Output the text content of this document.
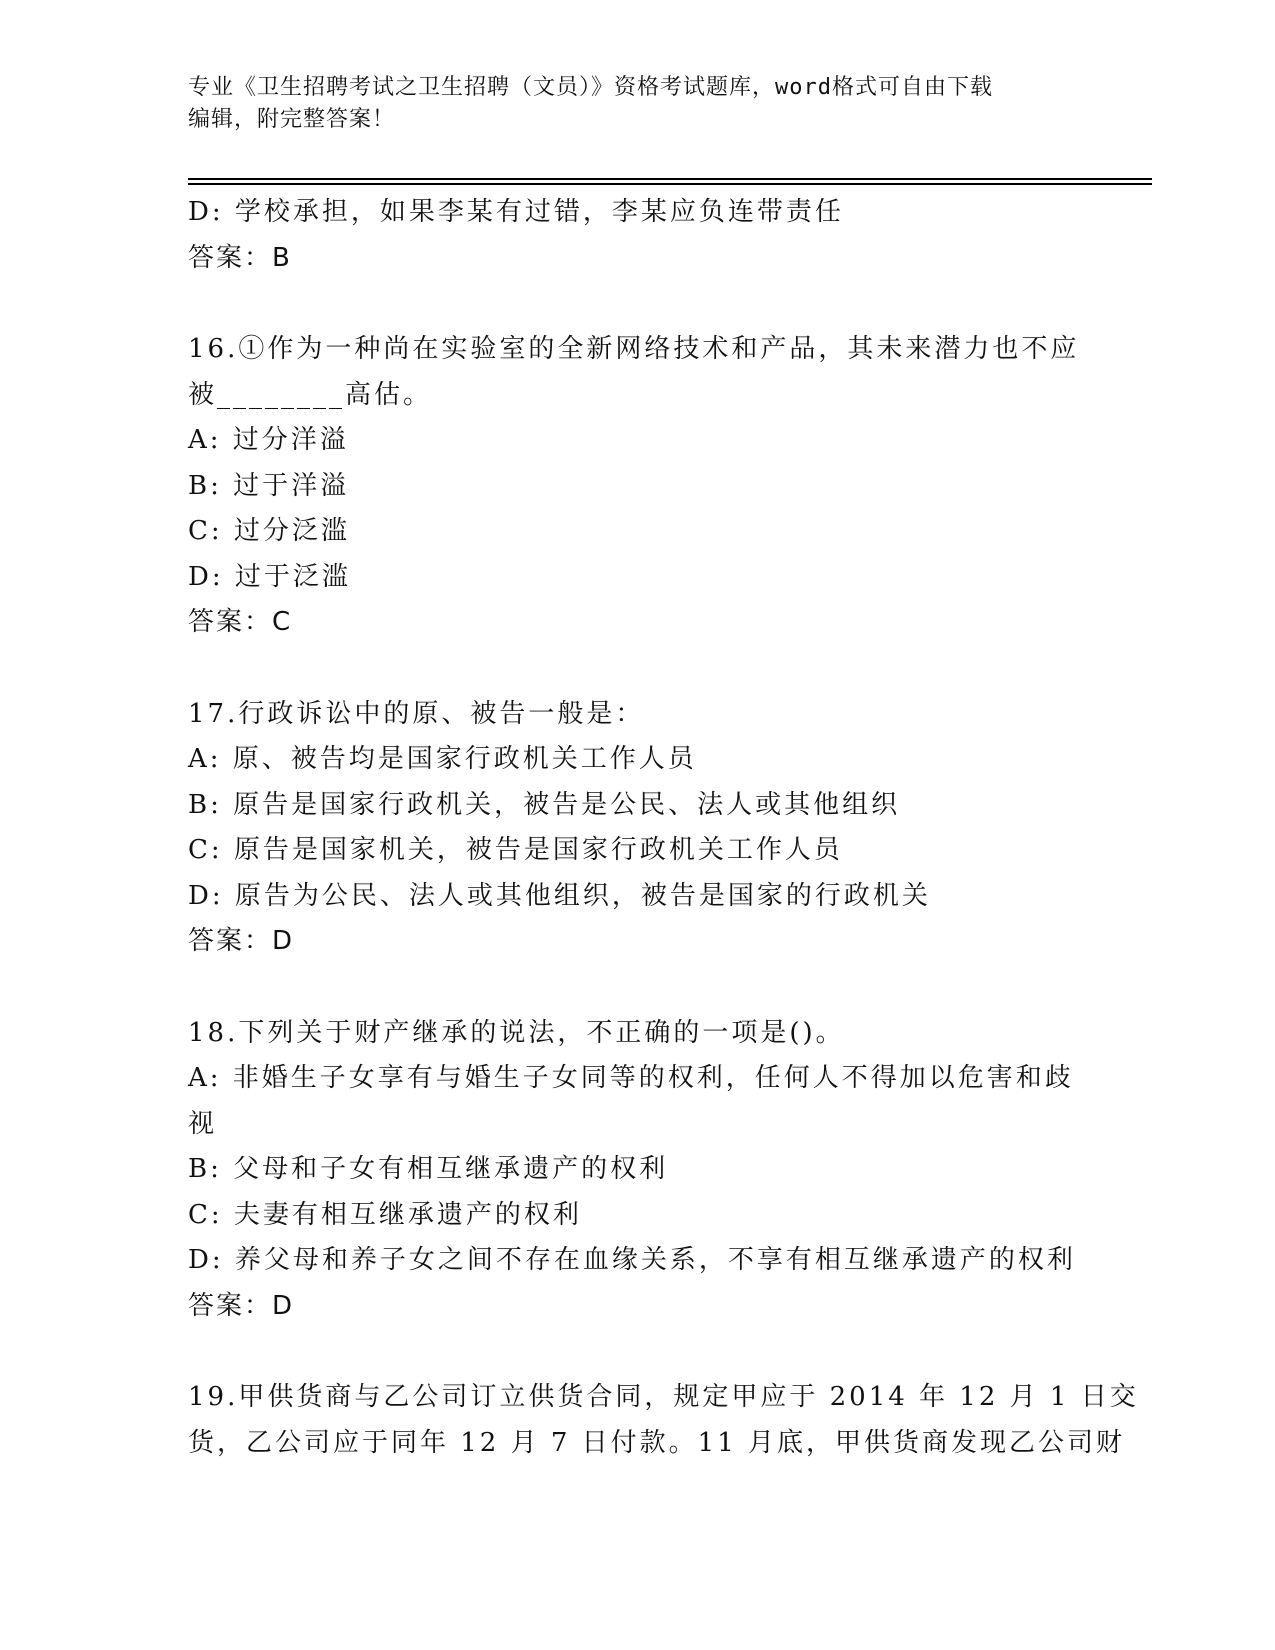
专业《卫生招聘考试之卫生招聘（文员）》资格考试题库，word格式可自由下载
编辑，附完整答案！
D: 学校承担，如果李某有过错，李某应负连带责任
答案：B
16.①作为一种尚在实验室的全新网络技术和产品，其未来潜力也不应
被________高估。
A: 过分洋溢
B: 过于洋溢
C: 过分泛滥
D: 过于泛滥
答案：C
17.行政诉讼中的原、被告一般是：
A: 原、被告均是国家行政机关工作人员
B: 原告是国家行政机关，被告是公民、法人或其他组织
C: 原告是国家机关，被告是国家行政机关工作人员
D: 原告为公民、法人或其他组织，被告是国家的行政机关
答案：D
18.下列关于财产继承的说法，不正确的一项是()。
A: 非婚生子女享有与婚生子女同等的权利，任何人不得加以危害和歧
视
B: 父母和子女有相互继承遗产的权利
C: 夫妻有相互继承遗产的权利
D: 养父母和养子女之间不存在血缘关系，不享有相互继承遗产的权利
答案：D
19.甲供货商与乙公司订立供货合同，规定甲应于 2014 年 12 月 1 日交
货，乙公司应于同年 12 月 7 日付款。11 月底，甲供货商发现乙公司财
